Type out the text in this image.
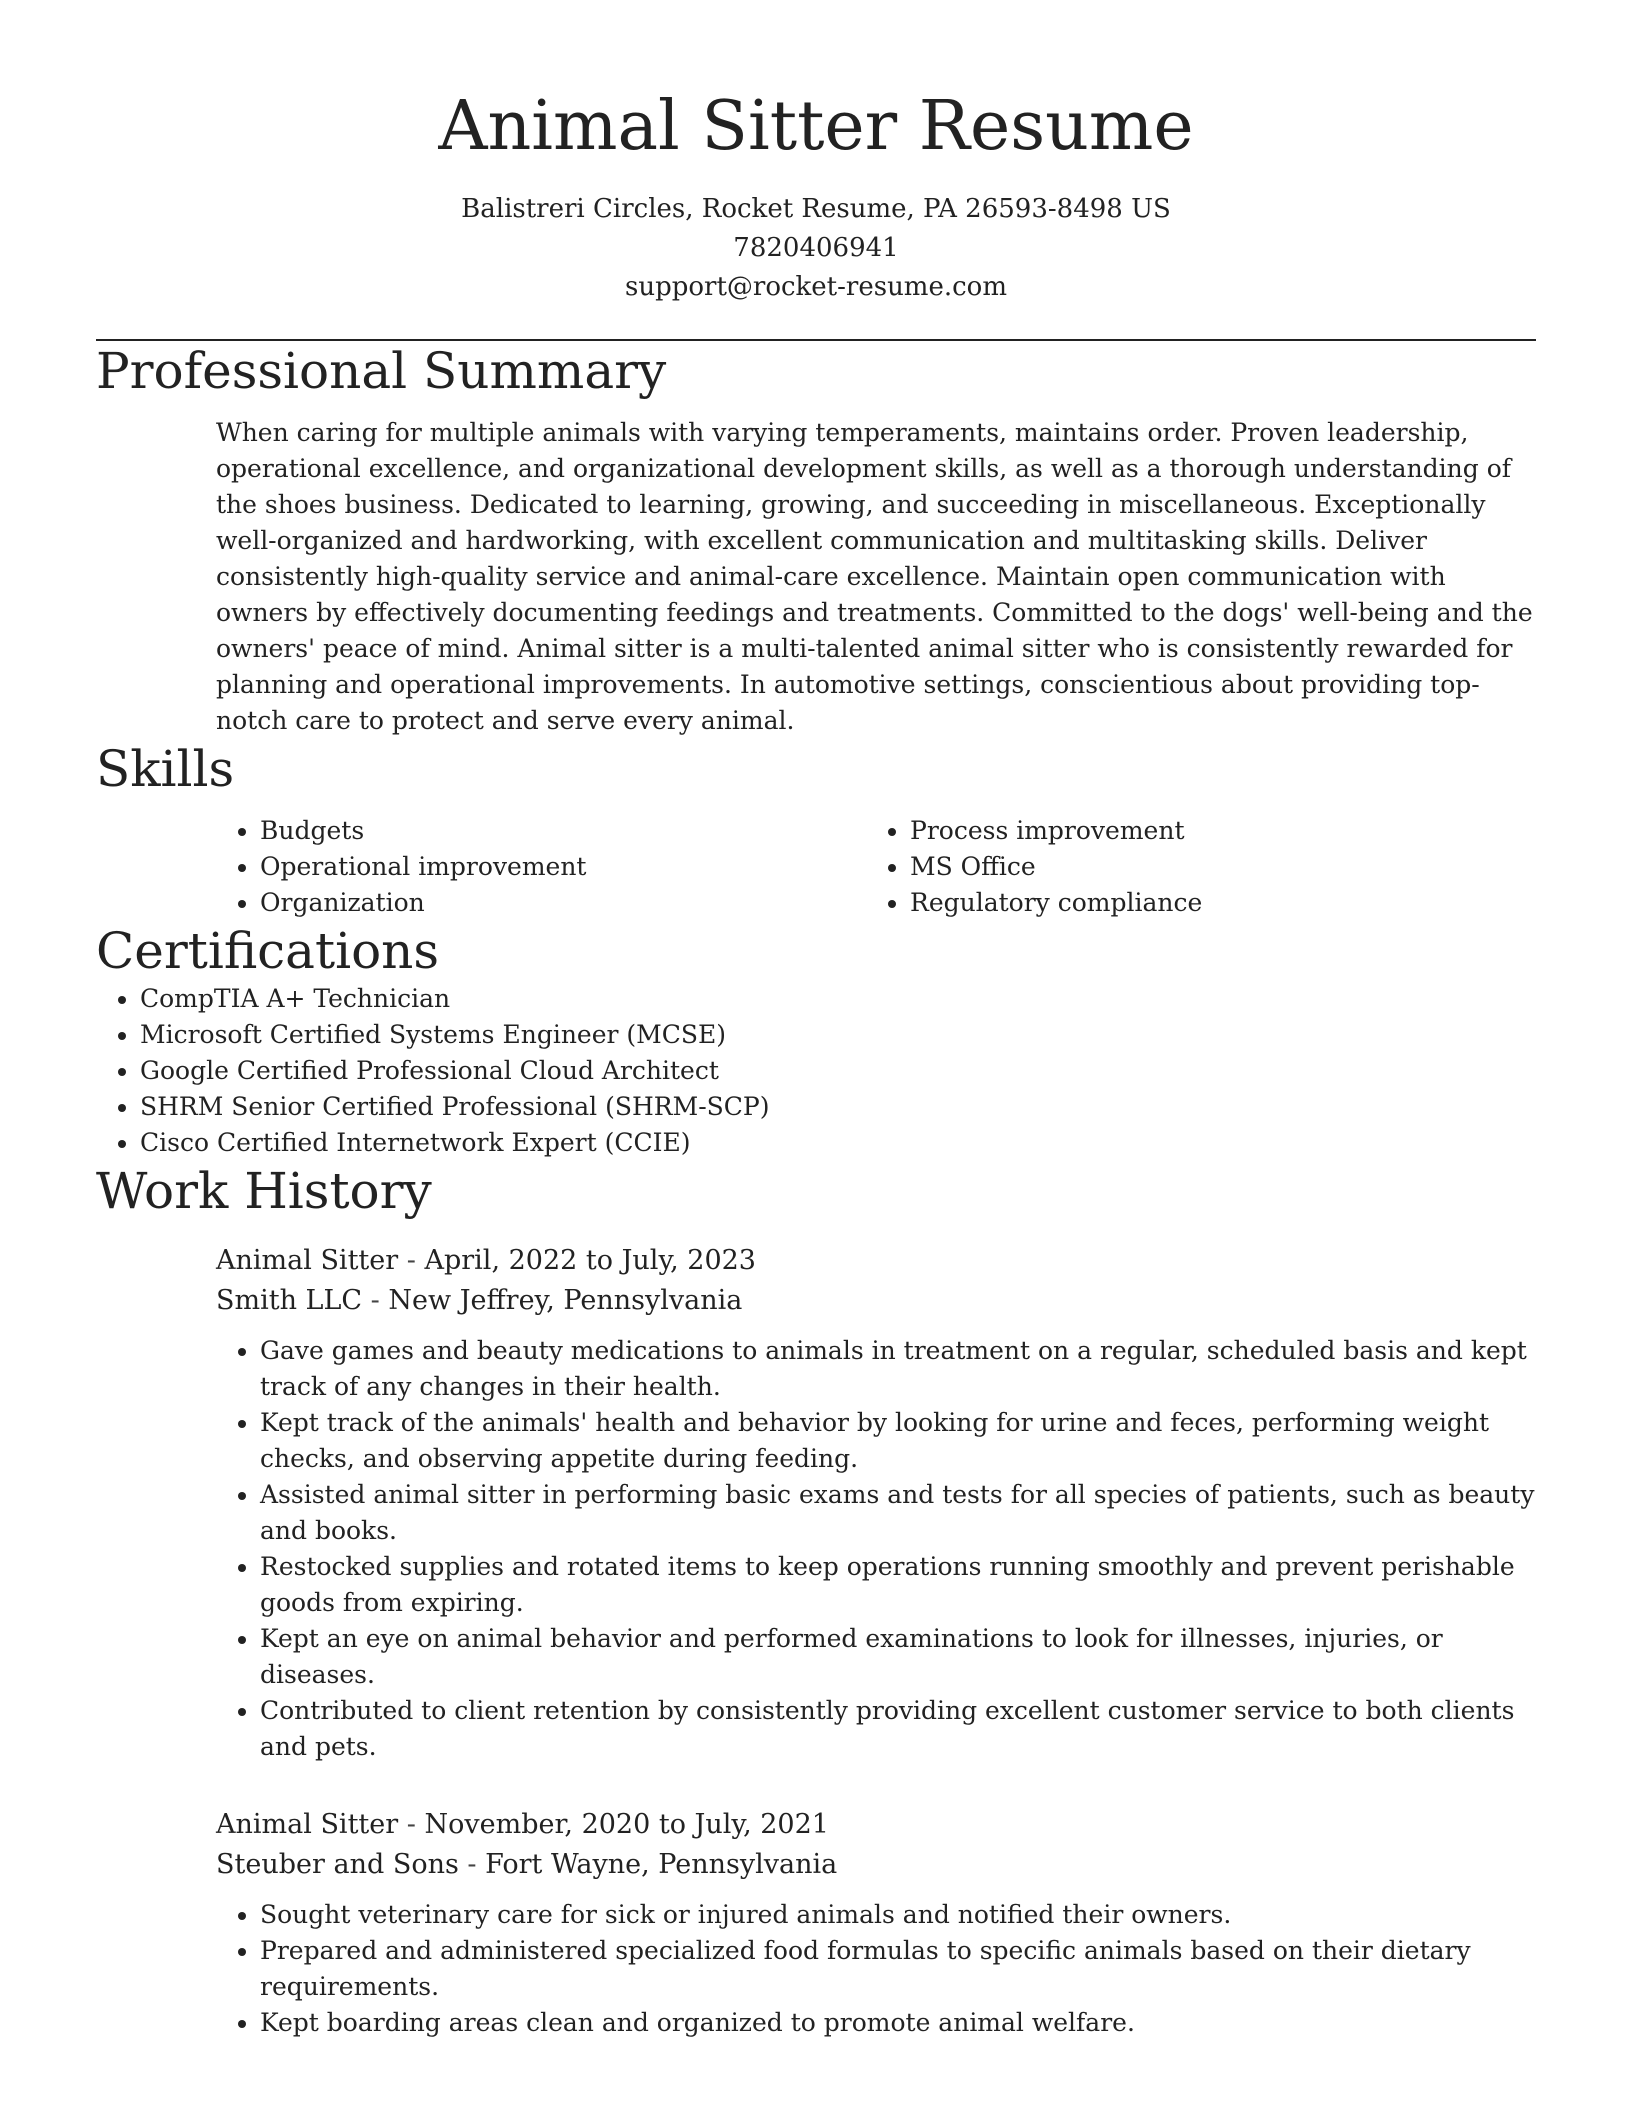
Animal Sitter Resume
Balistreri Circles, Rocket Resume, PA 26593-8498 US
7820406941
support@rocket-resume.com
Professional Summary
When caring for multiple animals with varying temperaments, maintains order. Proven leadership, operational excellence, and organizational development skills, as well as a thorough understanding of the shoes business. Dedicated to learning, growing, and succeeding in miscellaneous. Exceptionally well-organized and hardworking, with excellent communication and multitasking skills. Deliver consistently high-quality service and animal-care excellence. Maintain open communication with owners by effectively documenting feedings and treatments. Committed to the dogs' well-being and the owners' peace of mind. Animal sitter is a multi-talented animal sitter who is consistently rewarded for planning and operational improvements. In automotive settings, conscientious about providing top-notch care to protect and serve every animal.
Skills
• Budgets
• Operational improvement
• Organization
• Process improvement
• MS Office
• Regulatory compliance
Certifications
• CompTIA A+ Technician
• Microsoft Certified Systems Engineer (MCSE)
• Google Certified Professional Cloud Architect
• SHRM Senior Certified Professional (SHRM-SCP)
• Cisco Certified Internetwork Expert (CCIE)
Work History
Animal Sitter - April, 2022 to July, 2023
Smith LLC - New Jeffrey, Pennsylvania
• Gave games and beauty medications to animals in treatment on a regular, scheduled basis and kept track of any changes in their health.
• Kept track of the animals' health and behavior by looking for urine and feces, performing weight checks, and observing appetite during feeding.
• Assisted animal sitter in performing basic exams and tests for all species of patients, such as beauty and books.
• Restocked supplies and rotated items to keep operations running smoothly and prevent perishable goods from expiring.
• Kept an eye on animal behavior and performed examinations to look for illnesses, injuries, or diseases.
• Contributed to client retention by consistently providing excellent customer service to both clients and pets.
Animal Sitter - November, 2020 to July, 2021
Steuber and Sons - Fort Wayne, Pennsylvania
• Sought veterinary care for sick or injured animals and notified their owners.
• Prepared and administered specialized food formulas to specific animals based on their dietary requirements.
• Kept boarding areas clean and organized to promote animal welfare.
